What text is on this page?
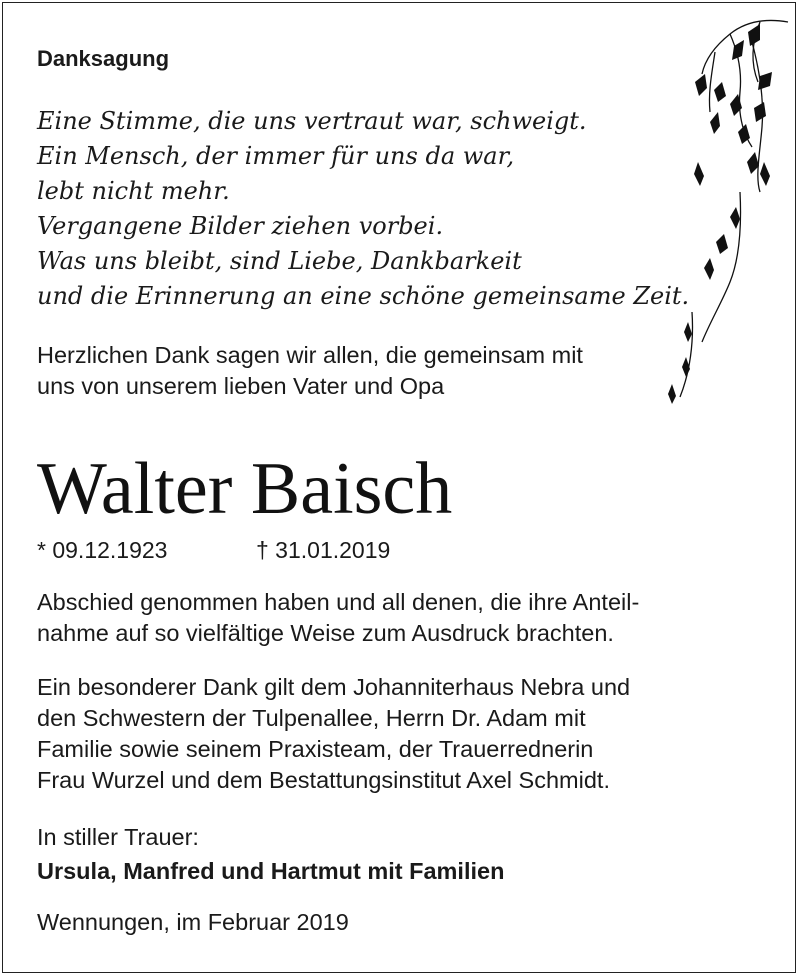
Danksagung
Eine Stimme, die uns vertraut war, schweigt.
Ein Mensch, der immer für uns da war,
lebt nicht mehr.
Vergangene Bilder ziehen vorbei.
Was uns bleibt, sind Liebe, Dankbarkeit
und die Erinnerung an eine schöne gemeinsame Zeit.
Herzlichen Dank sagen wir allen, die gemeinsam mit
uns von unserem lieben Vater und Opa
Walter Baisch
* 09.12.1923	† 31.01.2019
Abschied genommen haben und all denen, die ihre Anteil-
nahme auf so vielfältige Weise zum Ausdruck brachten.
Ein besonderer Dank gilt dem Johanniterhaus Nebra und
den Schwestern der Tulpenallee, Herrn Dr. Adam mit
Familie sowie seinem Praxisteam, der Trauerrednerin
Frau Wurzel und dem Bestattungsinstitut Axel Schmidt.
In stiller Trauer:
Ursula, Manfred und Hartmut mit Familien
Wennungen, im Februar 2019
